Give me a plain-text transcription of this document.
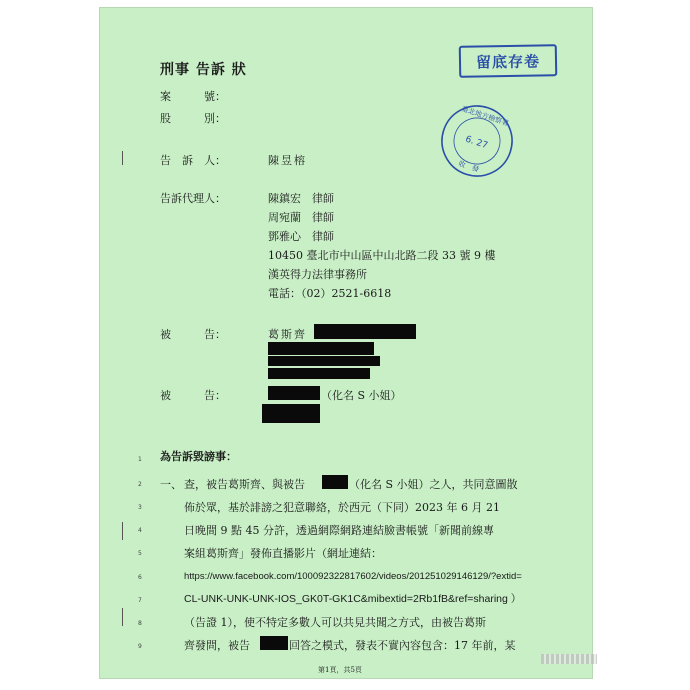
留底存卷
臺北地方檢察署
6. 27
收　發
刑事 告訴 狀
案　　　號：
股　　　別：
告　訴　人：	陳昱榕
告訴代理人：	陳鎮宏　律師
周宛蘭　律師
鄧雅心　律師
10450 臺北市中山區中山北路二段 33 號 9 樓
漢英得力法律事務所
電話：（02）2521-6618
被　　　告：	葛斯齊
被　　　告：	（化名 S 小姐）
1
2
3
4
5
6
7
8
9
為告訴毀謗事：
一、 查，被告葛斯齊、與被告	（化名 S 小姐）之人，共同意圖散
佈於眾，基於誹謗之犯意聯絡，於西元（下同）2023 年 6 月 21
日晚間 9 點 45 分許，透過網際網路連結臉書帳號「新聞前線專
案組葛斯齊」發佈直播影片（網址連結：
https://www.facebook.com/100092322817602/videos/201251029146129/?extid=
CL-UNK-UNK-UNK-IOS_GK0T-GK1C&mibextid=2Rb1fB&ref=sharing ）
（告證 1），使不特定多數人可以共見共聞之方式，由被告葛斯
齊發問，被告	回答之模式，發表不實內容包含：17 年前，某
第1頁，共5頁
